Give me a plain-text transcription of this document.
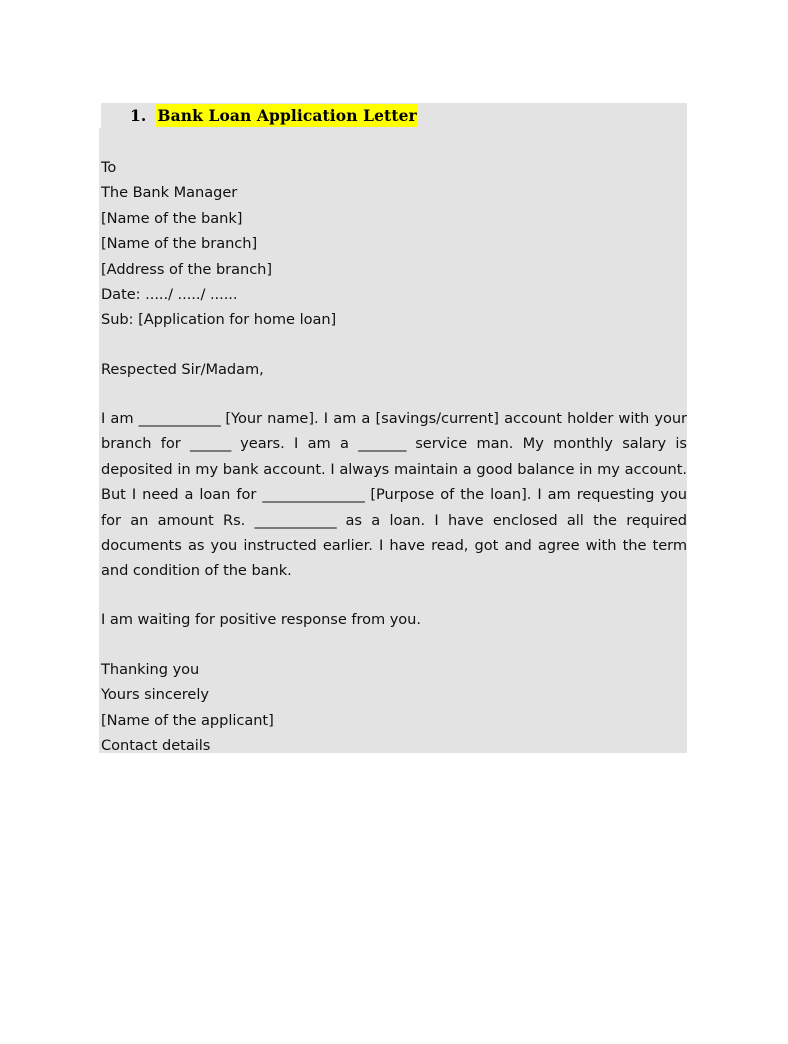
1. Bank Loan Application Letter
To
The Bank Manager
[Name of the bank]
[Name of the branch]
[Address of the branch]
Date: ...../ ...../ ......
Sub: [Application for home loan]
Respected Sir/Madam,

I am ____________ [Your name]. I am a [savings/current] account holder with your branch for ______ years. I am a _______ service man. My monthly salary is deposited in my bank account. I always maintain a good balance in my account. But I need a loan for _______________ [Purpose of the loan]. I am requesting you for an amount Rs. ____________ as a loan. I have enclosed all the required documents as you instructed earlier. I have read, got and agree with the term and condition of the bank.

I am waiting for positive response from you.
Thanking you
Yours sincerely
[Name of the applicant]
Contact details
